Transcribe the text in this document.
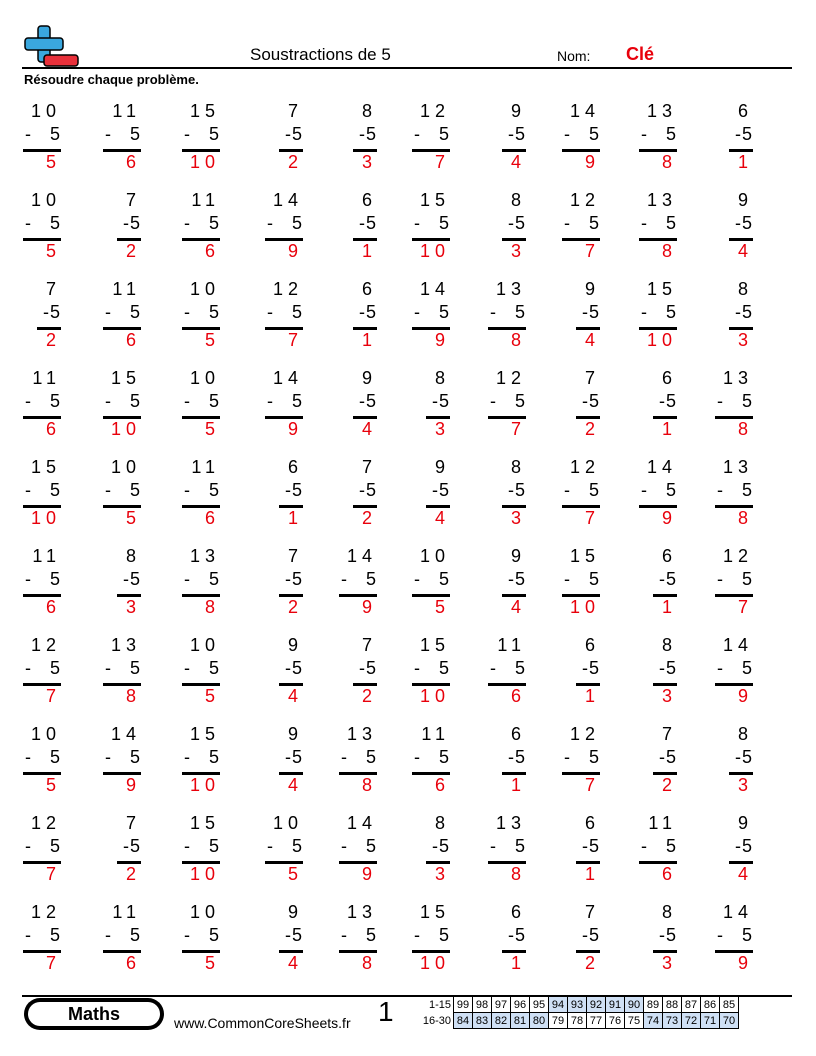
Soustractions de 5	Nom: Clé
Résoudre chaque problème.
10
-   5
5
11
-   5
6
15
-   5
10
7
-5
2
8
-5
3
12
-   5
7
9
-5
4
14
-   5
9
13
-   5
8
6
-5
1
10
-   5
5
7
-5
2
11
-   5
6
14
-   5
9
6
-5
1
15
-   5
10
8
-5
3
12
-   5
7
13
-   5
8
9
-5
4
7
-5
2
11
-   5
6
10
-   5
5
12
-   5
7
6
-5
1
14
-   5
9
13
-   5
8
9
-5
4
15
-   5
10
8
-5
3
11
-   5
6
15
-   5
10
10
-   5
5
14
-   5
9
9
-5
4
8
-5
3
12
-   5
7
7
-5
2
6
-5
1
13
-   5
8
15
-   5
10
10
-   5
5
11
-   5
6
6
-5
1
7
-5
2
9
-5
4
8
-5
3
12
-   5
7
14
-   5
9
13
-   5
8
11
-   5
6
8
-5
3
13
-   5
8
7
-5
2
14
-   5
9
10
-   5
5
9
-5
4
15
-   5
10
6
-5
1
12
-   5
7
12
-   5
7
13
-   5
8
10
-   5
5
9
-5
4
7
-5
2
15
-   5
10
11
-   5
6
6
-5
1
8
-5
3
14
-   5
9
10
-   5
5
14
-   5
9
15
-   5
10
9
-5
4
13
-   5
8
11
-   5
6
6
-5
1
12
-   5
7
7
-5
2
8
-5
3
12
-   5
7
7
-5
2
15
-   5
10
10
-   5
5
14
-   5
9
8
-5
3
13
-   5
8
6
-5
1
11
-   5
6
9
-5
4
12
-   5
7
11
-   5
6
10
-   5
5
9
-5
4
13
-   5
8
15
-   5
10
6
-5
1
7
-5
2
8
-5
3
14
-   5
9
Maths	www.CommonCoreSheets.fr 1	1-15	99	98	97	96	95	94	93	92	91	90	89	88	87	86	85
16-30	84	83	82	81	80	79	78	77	76	75	74	73	72	71	70
